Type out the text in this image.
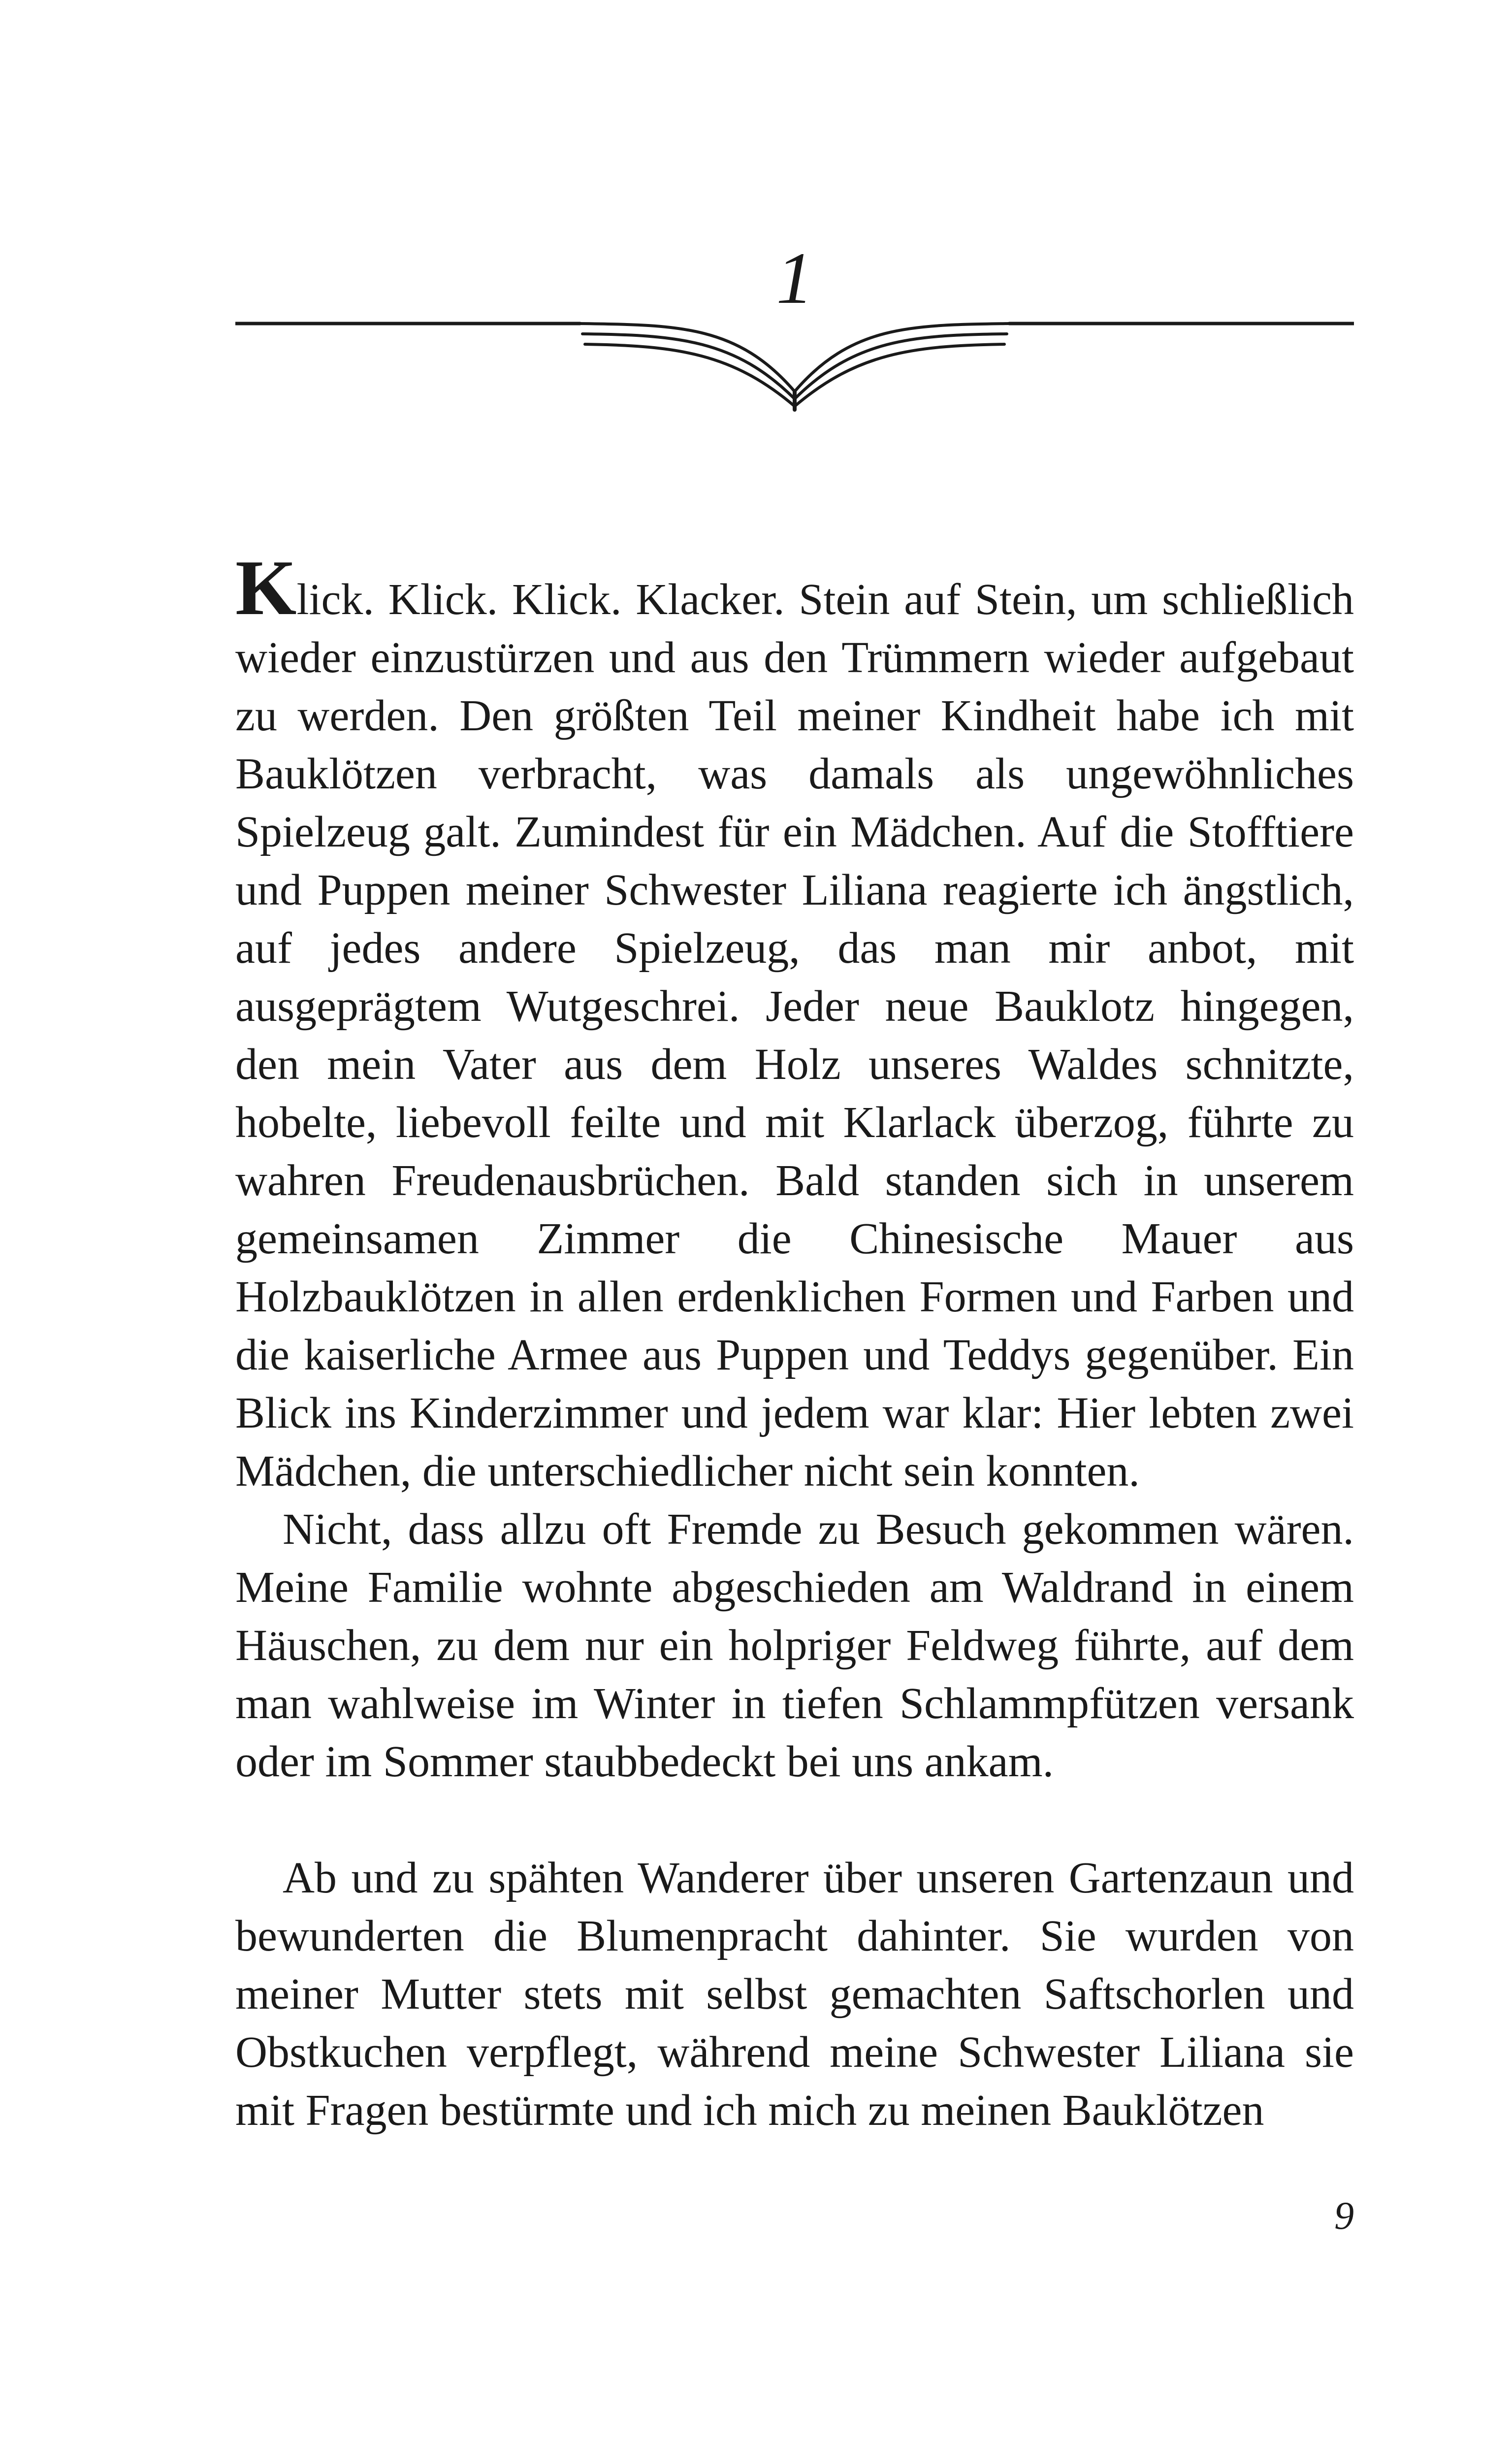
1

Klick. Klick. Klick. Klacker. Stein auf Stein, um schließlich wieder einzustürzen und aus den Trümmern wieder aufgebaut zu werden. Den größten Teil meiner Kindheit habe ich mit Bauklötzen verbracht, was damals als ungewöhnliches Spielzeug galt. Zumindest für ein Mädchen. Auf die Stofftiere und Puppen meiner Schwester Liliana reagierte ich ängstlich, auf jedes andere Spielzeug, das man mir anbot, mit ausgeprägtem Wutgeschrei. Jeder neue Bauklotz hingegen, den mein Vater aus dem Holz unseres Waldes schnitzte, hobelte, liebevoll feilte und mit Klarlack überzog, führte zu wahren Freudenausbrüchen. Bald standen sich in unserem gemeinsamen Zimmer die Chinesische Mauer aus Holzbauklötzen in allen erdenklichen Formen und Farben und die kaiserliche Armee aus Puppen und Teddys gegenüber. Ein Blick ins Kinderzimmer und jedem war klar: Hier lebten zwei Mädchen, die unterschiedlicher nicht sein konnten.

Nicht, dass allzu oft Fremde zu Besuch gekommen wären. Meine Familie wohnte abgeschieden am Waldrand in einem Häuschen, zu dem nur ein holpriger Feldweg führte, auf dem man wahlweise im Winter in tiefen Schlammpfützen versank oder im Sommer staubbedeckt bei uns ankam.

Ab und zu spähten Wanderer über unseren Gartenzaun und bewunderten die Blumenpracht dahinter. Sie wurden von meiner Mutter stets mit selbst gemachten Saftschorlen und Obstkuchen verpflegt, während meine Schwester Liliana sie mit Fragen bestürmte und ich mich zu meinen Bauklötzen

9
